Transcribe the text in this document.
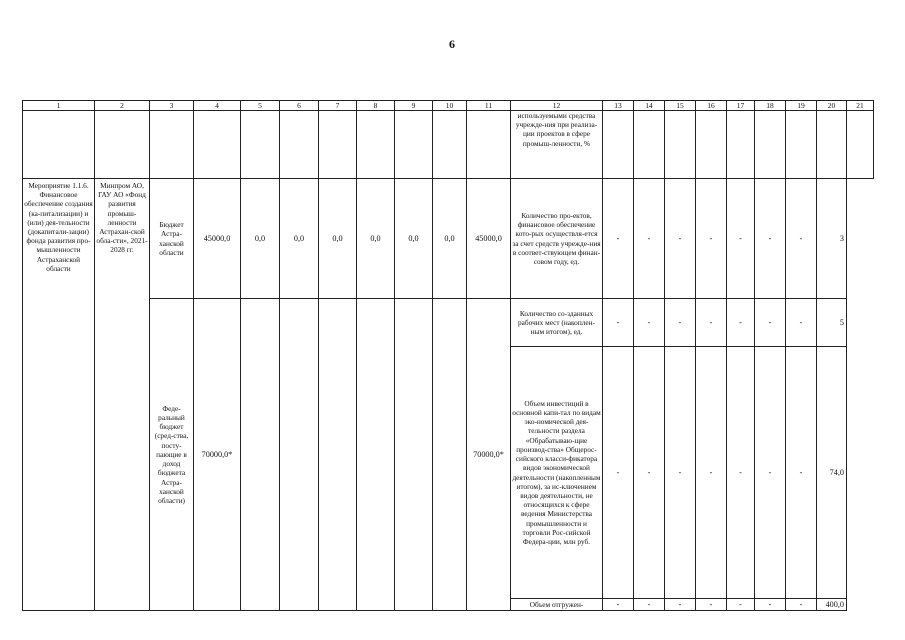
6
1	2	3	4	5	6	7	8	9	10	11	12	13	14	15	16	17	18	19	20	21
											используемыми средства учрежде-ния при реализа-ции проектов в сфере промыш-ленности, %									
Мероприятие 1.1.6. Финансовое обеспечение создания (ка-питализации) и (или) дея-тельности (докапитали-зации) фонда развития про-мышленности Астраханской области	Минпром АО, ГАУ АО «Фонд развития промыш-ленности Астрахан-ской обла-сти», 2021-2028 гг.	Бюджет Астра-ханской области	45000,0	0,0	0,0	0,0	0,0	0,0	0,0	45000,0	Количество про-ектов, финансовое обеспечение кото-рых осуществля-ется за счет средств учрежде-ния в соответ-ствующем финан-совом году, ед.	-	-	-	-	-	-	-	3	
		Феде-ральный бюджет (сред-ства, посту-пающие в доход бюджета Астра-ханской области)	70000,0*							70000,0*	Количество со-зданных рабочих мест (накоплен-ным итогом), ед.	-	-	-	-	-	-	-	5	
											Объем инвестиций в основной капи-тал по видам эко-номической дея-тельности раздела «Обрабатываю-щие производ-ства» Общерос-сийского класси-фикатора видов экономической деятельности (накопленным итогом), за ис-ключением видов деятельности, не относящихся к сфере ведения Министерства промышленности и торговли Рос-сийской Федера-ции, млн руб.	-	-	-	-	-	-	-	74,0	
											Объем отгружен-	-	-	-	-	-	-	-	400,0	
